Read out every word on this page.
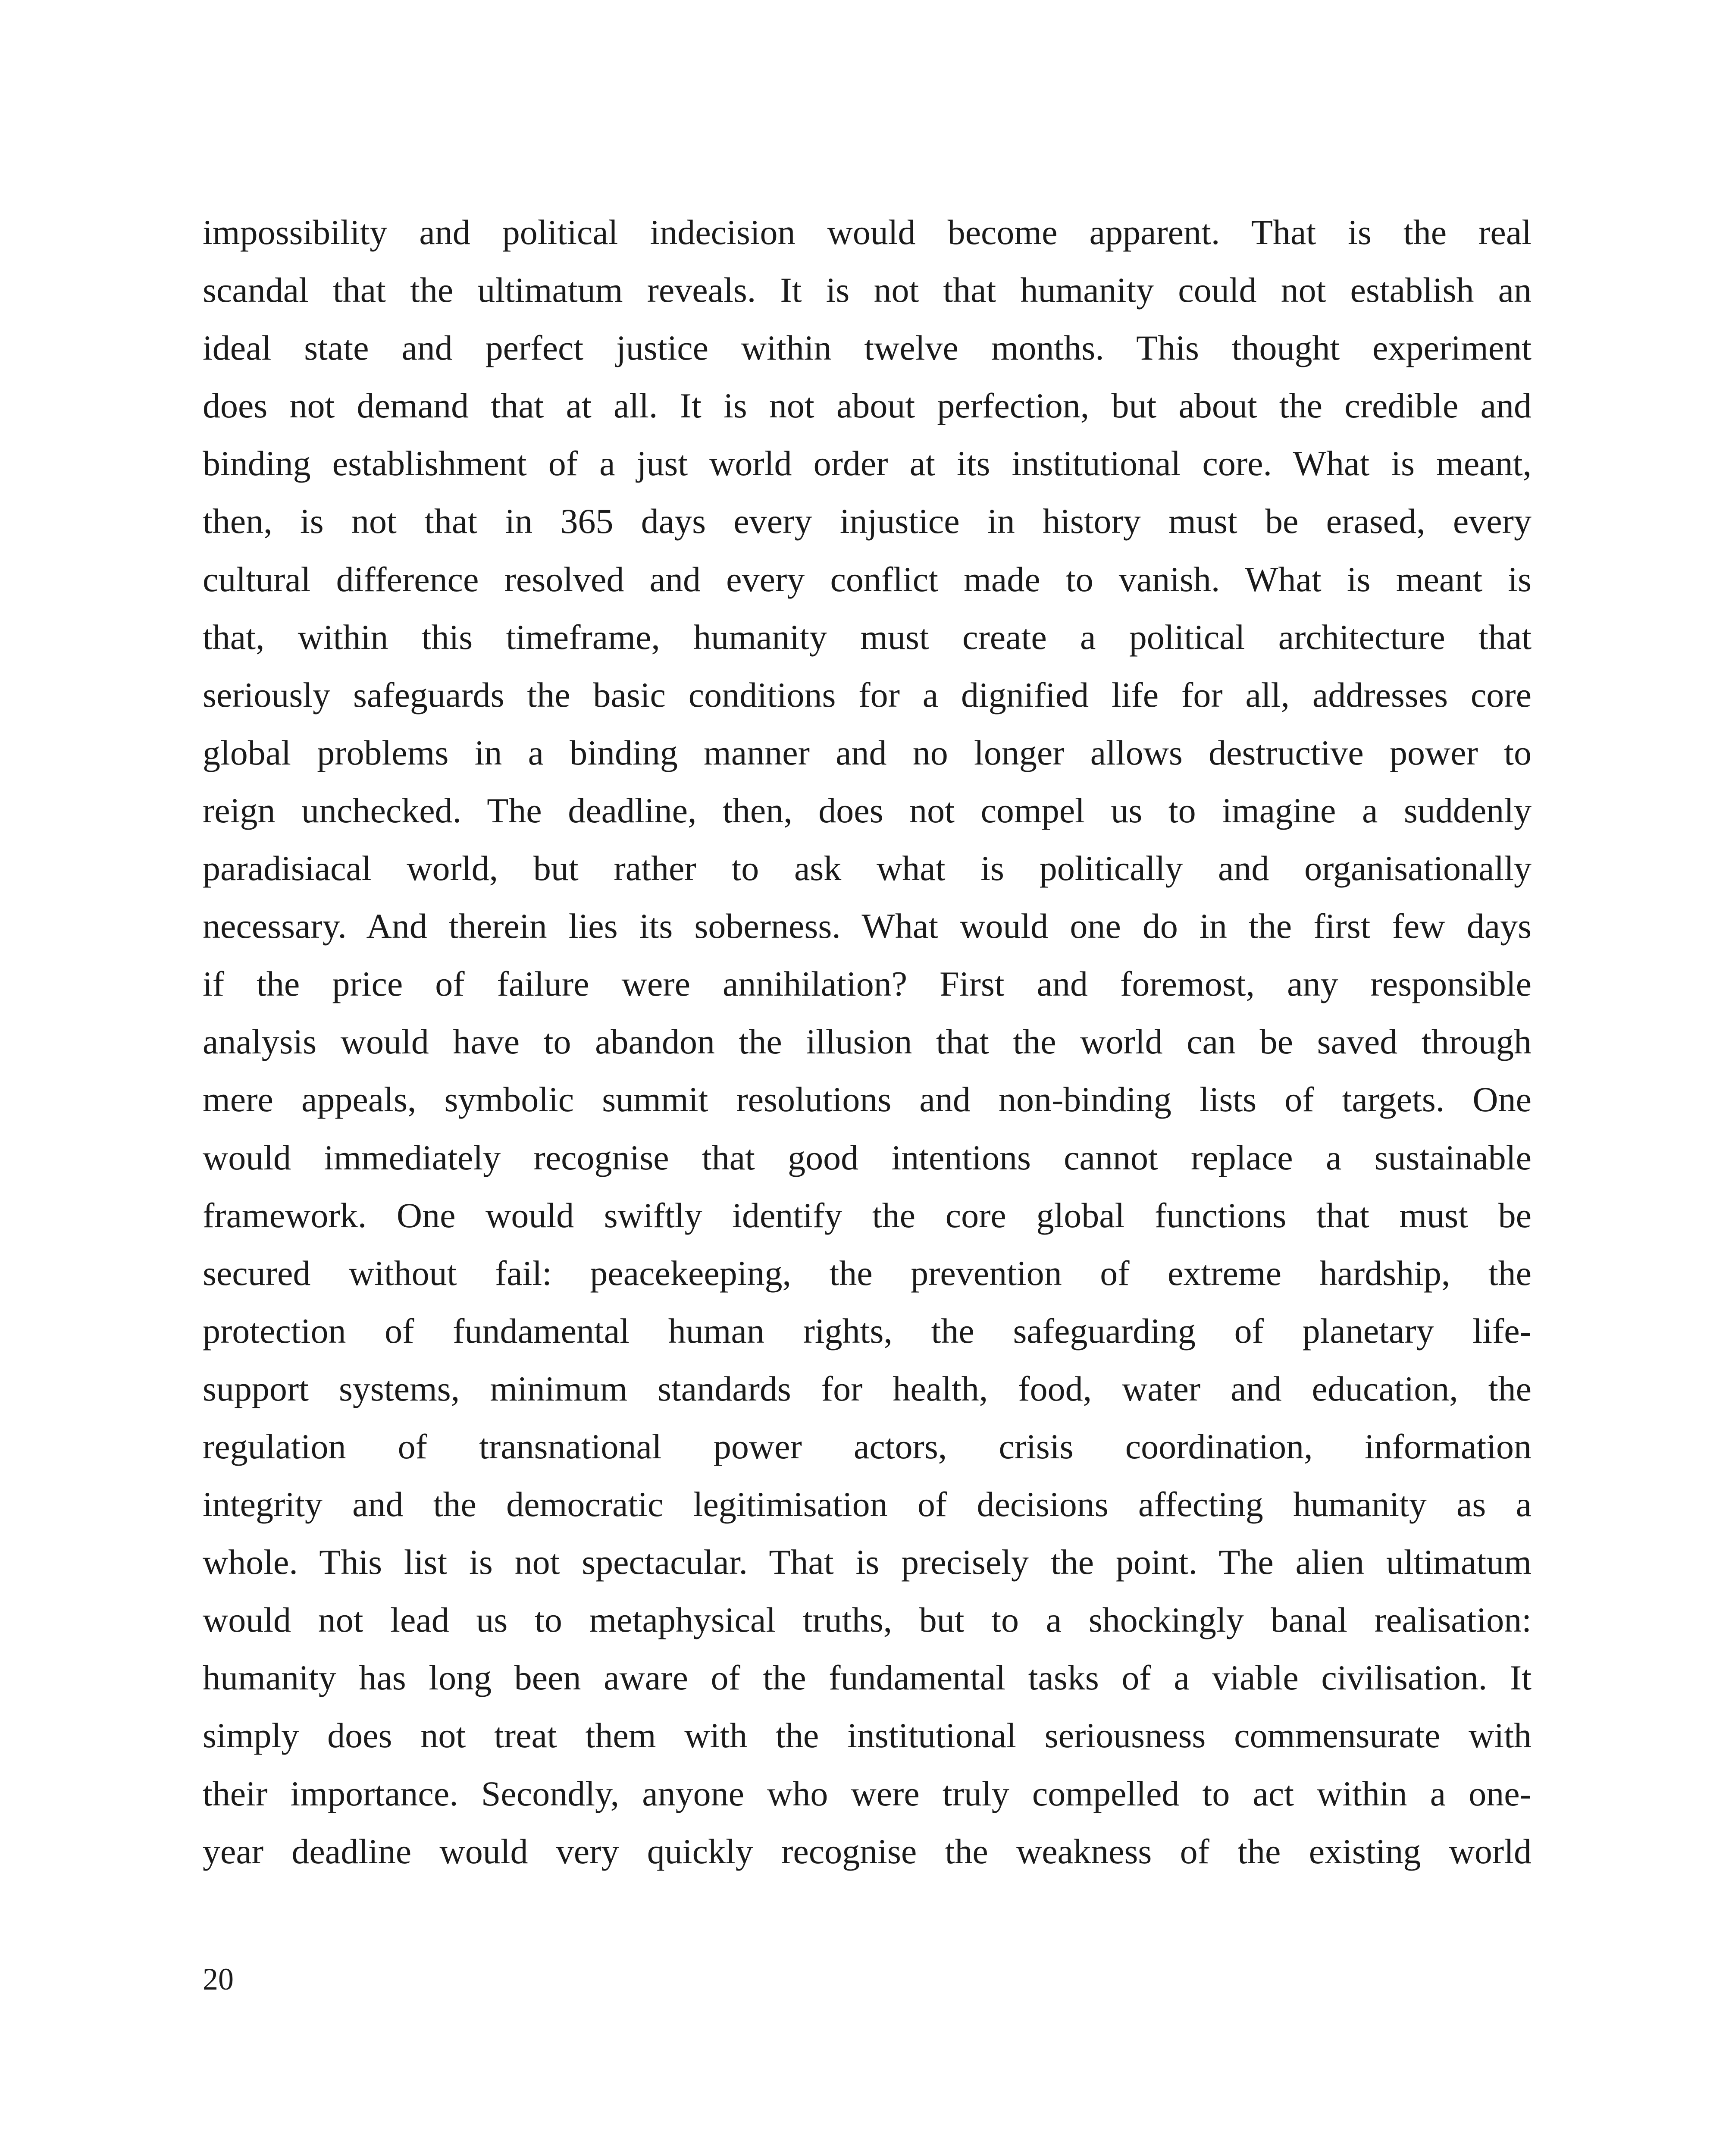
impossibility and political indecision would become apparent. That is the real
scandal that the ultimatum reveals. It is not that humanity could not establish an
ideal state and perfect justice within twelve months. This thought experiment
does not demand that at all. It is not about perfection, but about the credible and
binding establishment of a just world order at its institutional core. What is meant,
then, is not that in 365 days every injustice in history must be erased, every
cultural difference resolved and every conflict made to vanish. What is meant is
that, within this timeframe, humanity must create a political architecture that
seriously safeguards the basic conditions for a dignified life for all, addresses core
global problems in a binding manner and no longer allows destructive power to
reign unchecked. The deadline, then, does not compel us to imagine a suddenly
paradisiacal world, but rather to ask what is politically and organisationally
necessary. And therein lies its soberness. What would one do in the first few days
if the price of failure were annihilation? First and foremost, any responsible
analysis would have to abandon the illusion that the world can be saved through
mere appeals, symbolic summit resolutions and non-binding lists of targets. One
would immediately recognise that good intentions cannot replace a sustainable
framework. One would swiftly identify the core global functions that must be
secured without fail: peacekeeping, the prevention of extreme hardship, the
protection of fundamental human rights, the safeguarding of planetary life-
support systems, minimum standards for health, food, water and education, the
regulation of transnational power actors, crisis coordination, information
integrity and the democratic legitimisation of decisions affecting humanity as a
whole. This list is not spectacular. That is precisely the point. The alien ultimatum
would not lead us to metaphysical truths, but to a shockingly banal realisation:
humanity has long been aware of the fundamental tasks of a viable civilisation. It
simply does not treat them with the institutional seriousness commensurate with
their importance. Secondly, anyone who were truly compelled to act within a one-
year deadline would very quickly recognise the weakness of the existing world
20
